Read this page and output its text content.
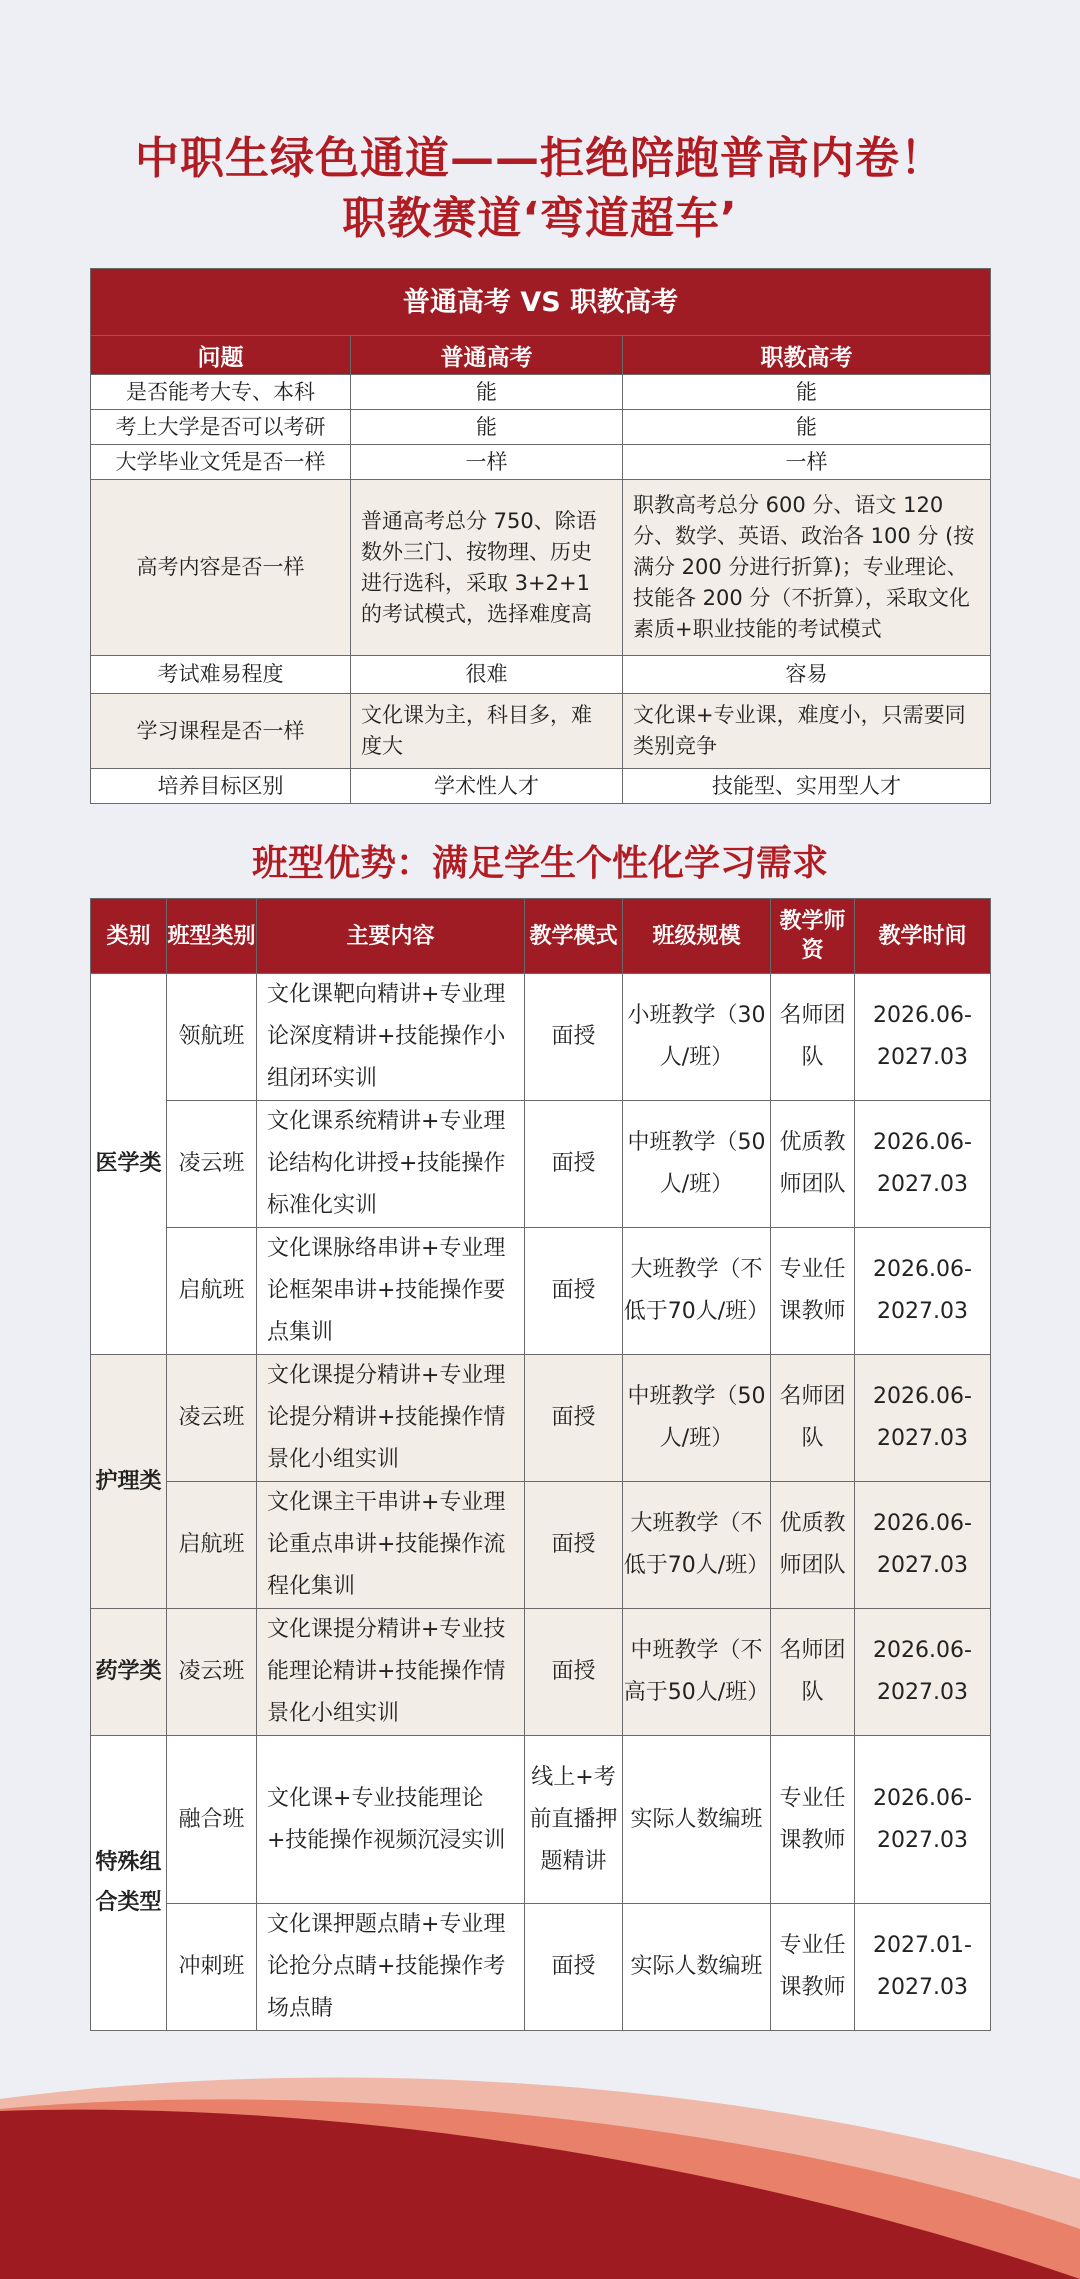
中职生绿色通道——拒绝陪跑普高内卷！
职教赛道‘弯道超车’
普通高考 VS 职教高考		
问题	普通高考	职教高考
是否能考大专、本科	能	能
考上大学是否可以考研	能	能
大学毕业文凭是否一样	一样	一样
高考内容是否一样	普通高考总分 750、除语数外三门、按物理、历史进行选科，采取 3+2+1 的考试模式，选择难度高	职教高考总分 600 分、语文 120 分、数学、英语、政治各 100 分 (按满分 200 分进行折算)；专业理论、技能各 200 分（不折算），采取文化素质+职业技能的考试模式
考试难易程度	很难	容易
学习课程是否一样	文化课为主，科目多，难度大	文化课+专业课，难度小，只需要同类别竞争
培养目标区别	学术性人才	技能型、实用型人才
班型优势：满足学生个性化学习需求
类别	班型类别	主要内容	教学模式	班级规模	教学师资	教学时间
医学类	领航班	文化课靶向精讲+专业理论深度精讲+技能操作小组闭环实训	面授	小班教学（30人/班）	名师团队	2026.06-2027.03
	凌云班	文化课系统精讲+专业理论结构化讲授+技能操作标准化实训	面授	中班教学（50人/班）	优质教师团队	2026.06-2027.03
	启航班	文化课脉络串讲+专业理论框架串讲+技能操作要点集训	面授	大班教学（不低于70人/班）	专业任课教师	2026.06-2027.03
护理类	凌云班	文化课提分精讲+专业理论提分精讲+技能操作情景化小组实训	面授	中班教学（50人/班）	名师团队	2026.06-2027.03
	启航班	文化课主干串讲+专业理论重点串讲+技能操作流程化集训	面授	大班教学（不低于70人/班）	优质教师团队	2026.06-2027.03
药学类	凌云班	文化课提分精讲+专业技能理论精讲+技能操作情景化小组实训	面授	中班教学（不高于50人/班）	名师团队	2026.06-2027.03
特殊组合类型	融合班	文化课+专业技能理论+技能操作视频沉浸实训	线上+考前直播押题精讲	实际人数编班	专业任课教师	2026.06-2027.03
	冲刺班	文化课押题点睛+专业理论抢分点睛+技能操作考场点睛	面授	实际人数编班	专业任课教师	2027.01-2027.03
